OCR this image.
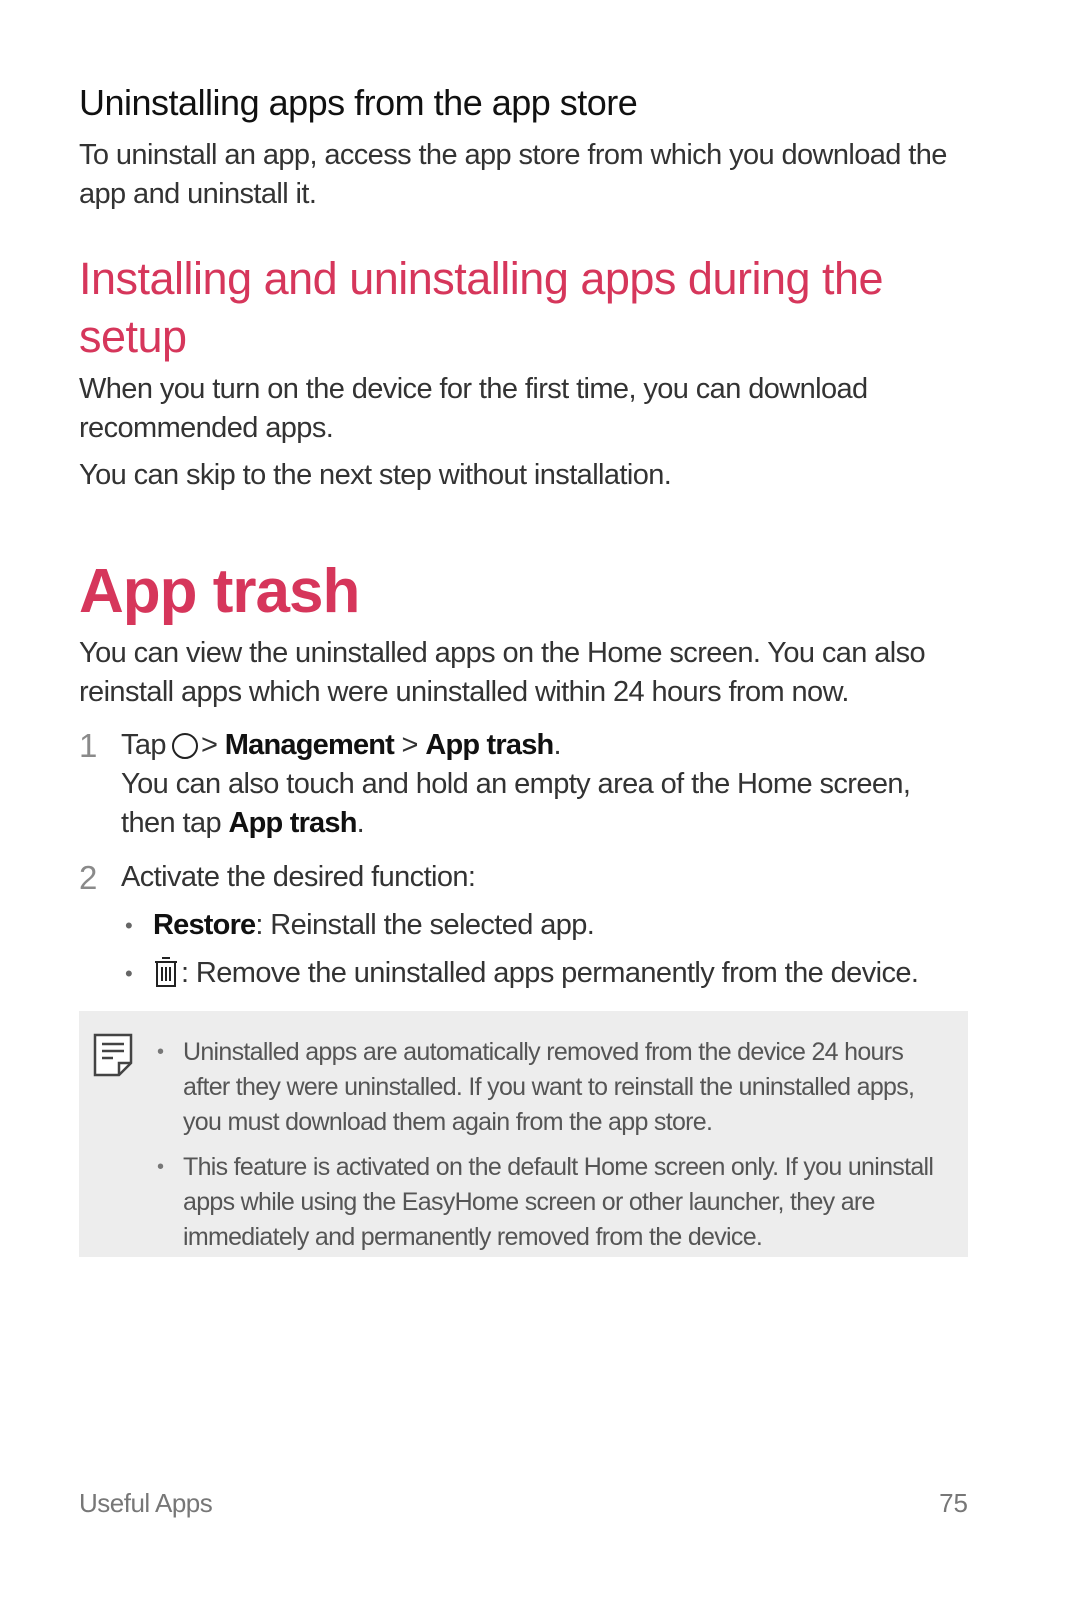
Uninstalling apps from the app store

To uninstall an app, access the app store from which you download the app and uninstall it.

Installing and uninstalling apps during the setup

When you turn on the device for the first time, you can download recommended apps.

You can skip to the next step without installation.

App trash

You can view the uninstalled apps on the Home screen. You can also reinstall apps which were uninstalled within 24 hours from now.

1 Tap > Management > App trash.

You can also touch and hold an empty area of the Home screen, then tap App trash.

2 Activate the desired function:

• Restore: Reinstall the selected app.
• : Remove the uninstalled apps permanently from the device.
• Uninstalled apps are automatically removed from the device 24 hours after they were uninstalled. If you want to reinstall the uninstalled apps, you must download them again from the app store.
• This feature is activated on the default Home screen only. If you uninstall apps while using the EasyHome screen or other launcher, they are immediately and permanently removed from the device.
Useful Apps	75
